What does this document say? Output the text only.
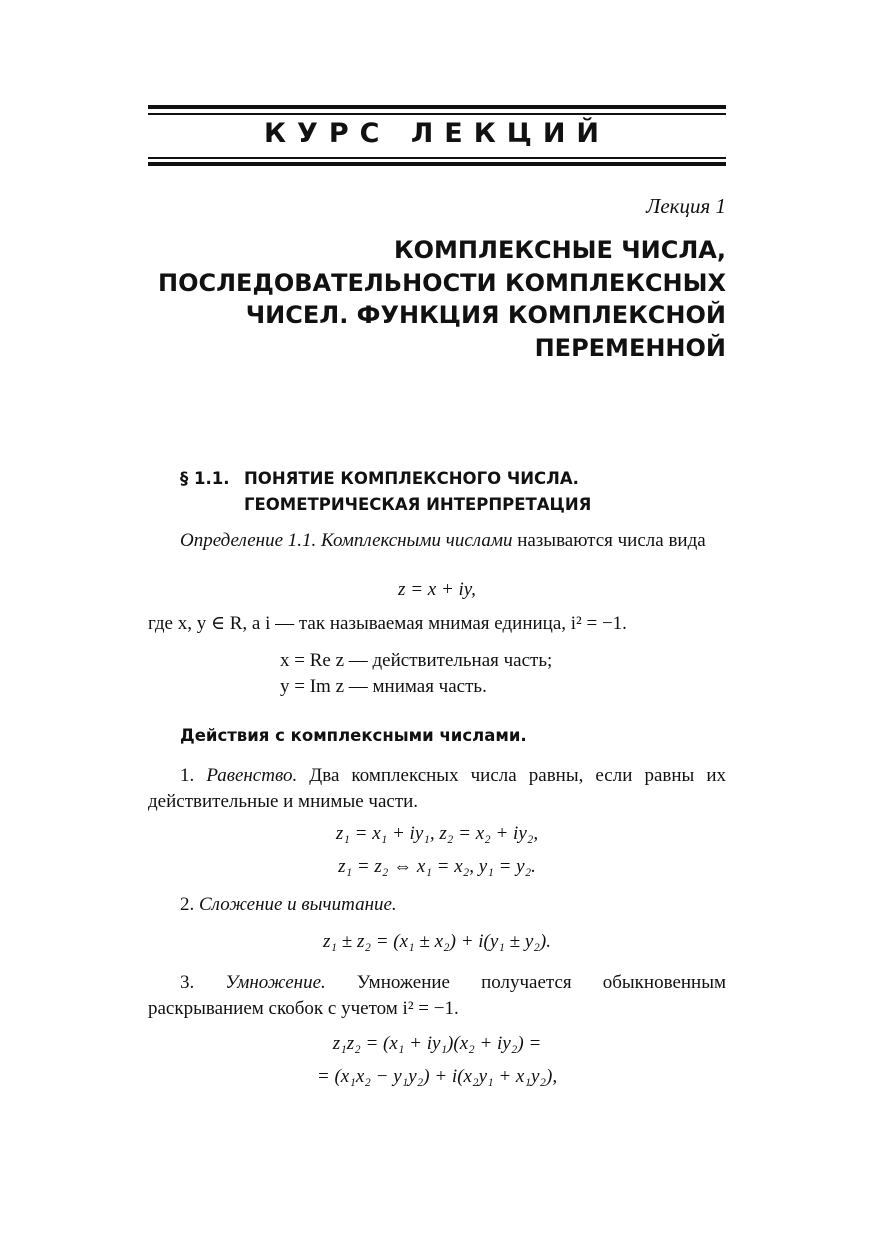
КУРС ЛЕКЦИЙ
Лекция 1
КОМПЛЕКСНЫЕ ЧИСЛА,
ПОСЛЕДОВАТЕЛЬНОСТИ КОМПЛЕКСНЫХ
ЧИСЕЛ. ФУНКЦИЯ КОМПЛЕКСНОЙ
ПЕРЕМЕННОЙ
§ 1.1. ПОНЯТИЕ КОМПЛЕКСНОГО ЧИСЛА.
ГЕОМЕТРИЧЕСКАЯ ИНТЕРПРЕТАЦИЯ
Определение 1.1. Комплексными числами называются числа вида
z = x + iy,
где x, y ∈ R, а i — так называемая мнимая единица, i² = −1.
x = Re z — действительная часть;
y = Im z — мнимая часть.
Действия с комплексными числами.
1. Равенство. Два комплексных числа равны, если равны их действительные и мнимые части.
z₁ = x₁ + iy₁, z₂ = x₂ + iy₂,
z₁ = z₂ ⇔ x₁ = x₂, y₁ = y₂.
2. Сложение и вычитание.
z₁ ± z₂ = (x₁ ± x₂) + i(y₁ ± y₂).
3. Умножение. Умножение получается обыкновенным раскрыванием скобок с учетом i² = −1.
z₁z₂ = (x₁ + iy₁)(x₂ + iy₂) =
= (x₁x₂ − y₁y₂) + i(x₂y₁ + x₁y₂),
